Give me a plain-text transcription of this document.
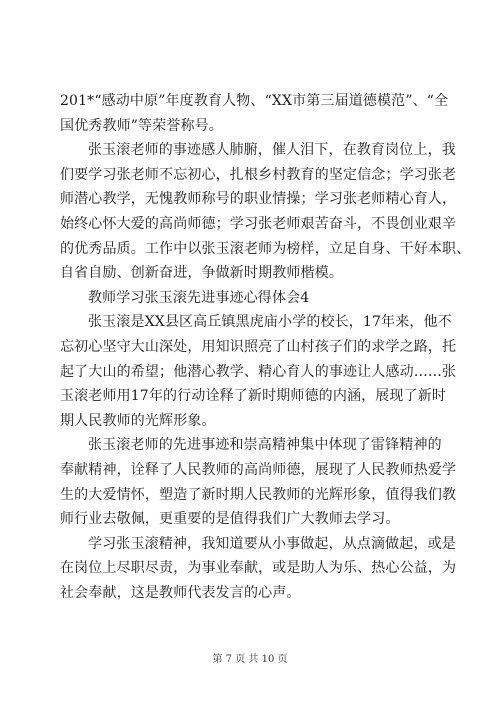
201*“感动中原”年度教育人物、“XX市第三届道德模范”、“全
国优秀教师”等荣誉称号。
张玉滚老师的事迹感人肺腑，催人泪下，在教育岗位上，我
们要学习张老师不忘初心，扎根乡村教育的坚定信念；学习张老
师潜心教学，无愧教师称号的职业情操；学习张老师精心育人，
始终心怀大爱的高尚师德；学习张老师艰苦奋斗，不畏创业艰辛
的优秀品质。工作中以张玉滚老师为榜样，立足自身、干好本职、
自省自励、创新奋进，争做新时期教师楷模。
教师学习张玉滚先进事迹心得体会4
张玉滚是XX县区高丘镇黑虎庙小学的校长，17年来，他不
忘初心坚守大山深处，用知识照亮了山村孩子们的求学之路，托
起了大山的希望；他潜心教学、精心育人的事迹让人感动……张
玉滚老师用17年的行动诠释了新时期师德的内涵，展现了新时
期人民教师的光辉形象。
张玉滚老师的先进事迹和崇高精神集中体现了雷锋精神的
奉献精神，诠释了人民教师的高尚师德，展现了人民教师热爱学
生的大爱情怀，塑造了新时期人民教师的光辉形象，值得我们教
师行业去敬佩，更重要的是值得我们广大教师去学习。
学习张玉滚精神，我知道要从小事做起，从点滴做起，或是
在岗位上尽职尽责，为事业奉献，或是助人为乐、热心公益，为
社会奉献，这是教师代表发言的心声。
第 7 页 共 10 页
